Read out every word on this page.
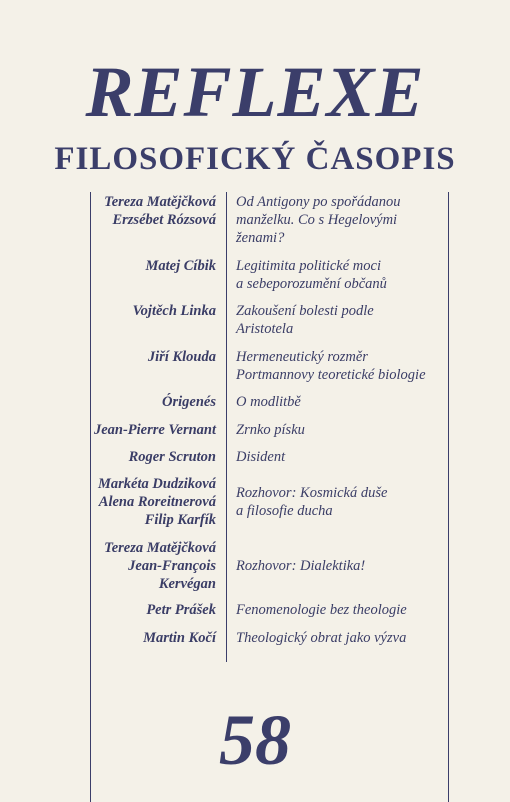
REFLEXE
FILOSOFICKÝ ČASOPIS
Tereza Matějčková
Erzsébet Rózsová
Od Antigony po spořádanou
manželku. Co s Hegelovými
ženami?
Matej Cíbik Legitimita politické moci
a sebeporozumění občanů
Vojtěch Linka Zakoušení bolesti podle
Aristotela
Jiří Klouda Hermeneutický rozměr
Portmannovy teoretické biologie
Órigenés O modlitbě
Jean-Pierre Vernant Zrnko písku
Roger Scruton Disident
Markéta Dudziková
Alena Roreitnerová
Filip Karfík
Rozhovor: Kosmická duše
a filosofie ducha
Tereza Matějčková
Jean-François
Kervégan
Rozhovor: Dialektika!
Petr Prášek Fenomenologie bez theologie
Martin Kočí Theologický obrat jako výzva
58
